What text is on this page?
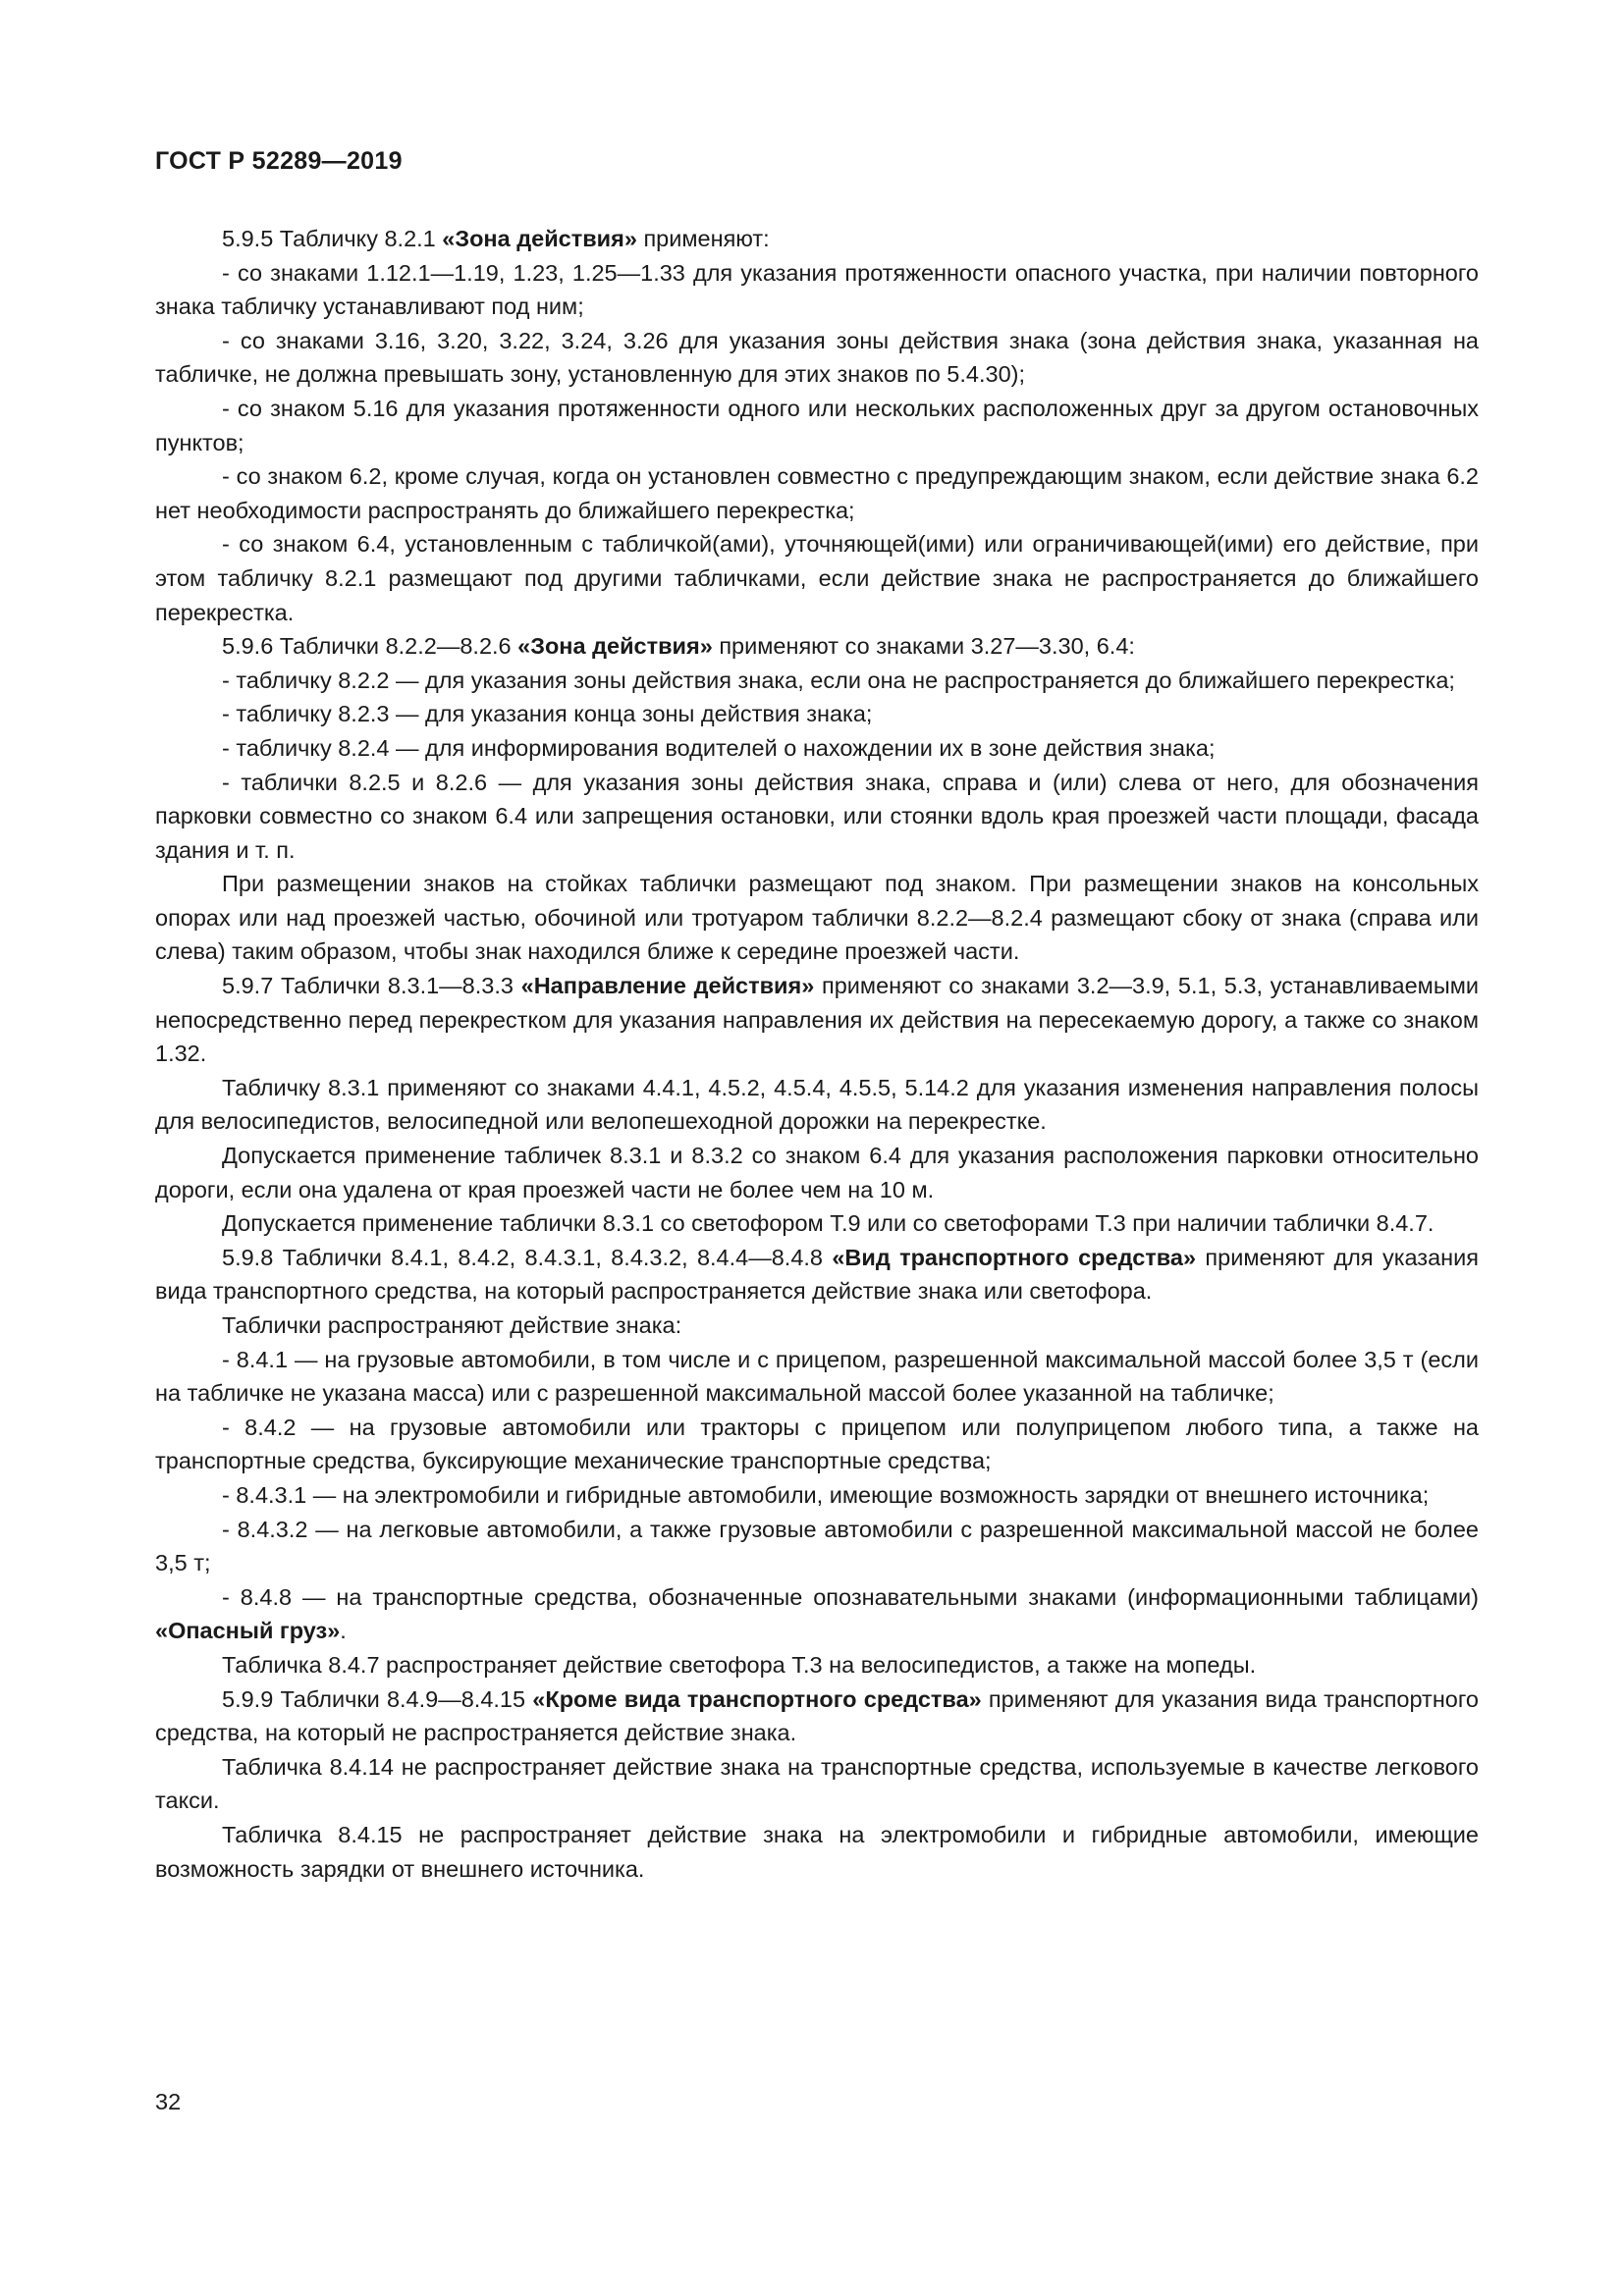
ГОСТ Р 52289—2019

5.9.5 Табличку 8.2.1 «Зона действия» применяют:

- со знаками 1.12.1—1.19, 1.23, 1.25—1.33 для указания протяженности опасного участка, при наличии повторного знака табличку устанавливают под ним;

- со знаками 3.16, 3.20, 3.22, 3.24, 3.26 для указания зоны действия знака (зона действия знака, указанная на табличке, не должна превышать зону, установленную для этих знаков по 5.4.30);

- со знаком 5.16 для указания протяженности одного или нескольких расположенных друг за другом остановочных пунктов;

- со знаком 6.2, кроме случая, когда он установлен совместно с предупреждающим знаком, если действие знака 6.2 нет необходимости распространять до ближайшего перекрестка;

- со знаком 6.4, установленным с табличкой(ами), уточняющей(ими) или ограничивающей(ими) его действие, при этом табличку 8.2.1 размещают под другими табличками, если действие знака не распространяется до ближайшего перекрестка.

5.9.6 Таблички 8.2.2—8.2.6 «Зона действия» применяют со знаками 3.27—3.30, 6.4:

- табличку 8.2.2 — для указания зоны действия знака, если она не распространяется до ближайшего перекрестка;

- табличку 8.2.3 — для указания конца зоны действия знака;

- табличку 8.2.4 — для информирования водителей о нахождении их в зоне действия знака;

- таблички 8.2.5 и 8.2.6 — для указания зоны действия знака, справа и (или) слева от него, для обозначения парковки совместно со знаком 6.4 или запрещения остановки, или стоянки вдоль края проезжей части площади, фасада здания и т. п.

При размещении знаков на стойках таблички размещают под знаком. При размещении знаков на консольных опорах или над проезжей частью, обочиной или тротуаром таблички 8.2.2—8.2.4 размещают сбоку от знака (справа или слева) таким образом, чтобы знак находился ближе к середине проезжей части.

5.9.7 Таблички 8.3.1—8.3.3 «Направление действия» применяют со знаками 3.2—3.9, 5.1, 5.3, устанавливаемыми непосредственно перед перекрестком для указания направления их действия на пересекаемую дорогу, а также со знаком 1.32.

Табличку 8.3.1 применяют со знаками 4.4.1, 4.5.2, 4.5.4, 4.5.5, 5.14.2 для указания изменения направления полосы для велосипедистов, велосипедной или велопешеходной дорожки на перекрестке.

Допускается применение табличек 8.3.1 и 8.3.2 со знаком 6.4 для указания расположения парковки относительно дороги, если она удалена от края проезжей части не более чем на 10 м.

Допускается применение таблички 8.3.1 со светофором Т.9 или со светофорами Т.3 при наличии таблички 8.4.7.

5.9.8 Таблички 8.4.1, 8.4.2, 8.4.3.1, 8.4.3.2, 8.4.4—8.4.8 «Вид транспортного средства» применяют для указания вида транспортного средства, на который распространяется действие знака или светофора.

Таблички распространяют действие знака:

- 8.4.1 — на грузовые автомобили, в том числе и с прицепом, разрешенной максимальной массой более 3,5 т (если на табличке не указана масса) или с разрешенной максимальной массой более указанной на табличке;

- 8.4.2 — на грузовые автомобили или тракторы с прицепом или полуприцепом любого типа, а также на транспортные средства, буксирующие механические транспортные средства;

- 8.4.3.1 — на электромобили и гибридные автомобили, имеющие возможность зарядки от внешнего источника;

- 8.4.3.2 — на легковые автомобили, а также грузовые автомобили с разрешенной максимальной массой не более 3,5 т;

- 8.4.8 — на транспортные средства, обозначенные опознавательными знаками (информационными таблицами) «Опасный груз».

Табличка 8.4.7 распространяет действие светофора Т.3 на велосипедистов, а также на мопеды.

5.9.9 Таблички 8.4.9—8.4.15 «Кроме вида транспортного средства» применяют для указания вида транспортного средства, на который не распространяется действие знака.

Табличка 8.4.14 не распространяет действие знака на транспортные средства, используемые в качестве легкового такси.

Табличка 8.4.15 не распространяет действие знака на электромобили и гибридные автомобили, имеющие возможность зарядки от внешнего источника.

32
